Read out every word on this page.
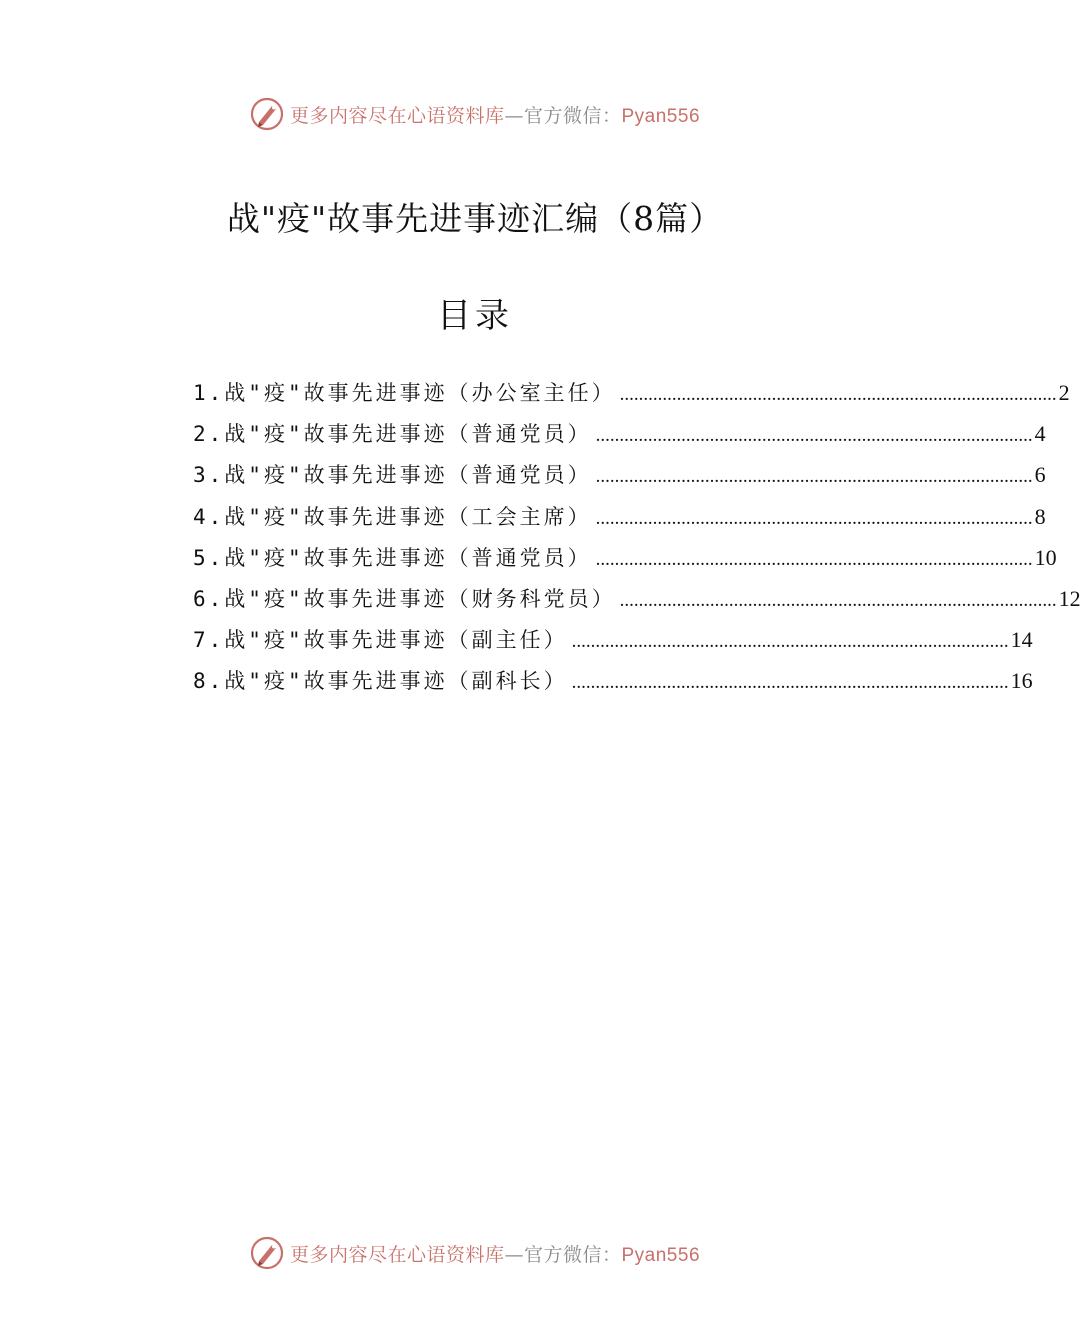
更多内容尽在心语资料库—官方微信：Pyan556
战"疫"故事先进事迹汇编（8篇）
目录
1.战"疫"故事先进事迹（办公室主任） ............................................................................................ 2
2.战"疫"故事先进事迹（普通党员） ............................................................................................ 4
3.战"疫"故事先进事迹（普通党员） ............................................................................................ 6
4.战"疫"故事先进事迹（工会主席） ............................................................................................ 8
5.战"疫"故事先进事迹（普通党员） ............................................................................................ 10
6.战"疫"故事先进事迹（财务科党员） ............................................................................................ 12
7.战"疫"故事先进事迹（副主任） ............................................................................................ 14
8.战"疫"故事先进事迹（副科长） ............................................................................................ 16
更多内容尽在心语资料库—官方微信：Pyan556
